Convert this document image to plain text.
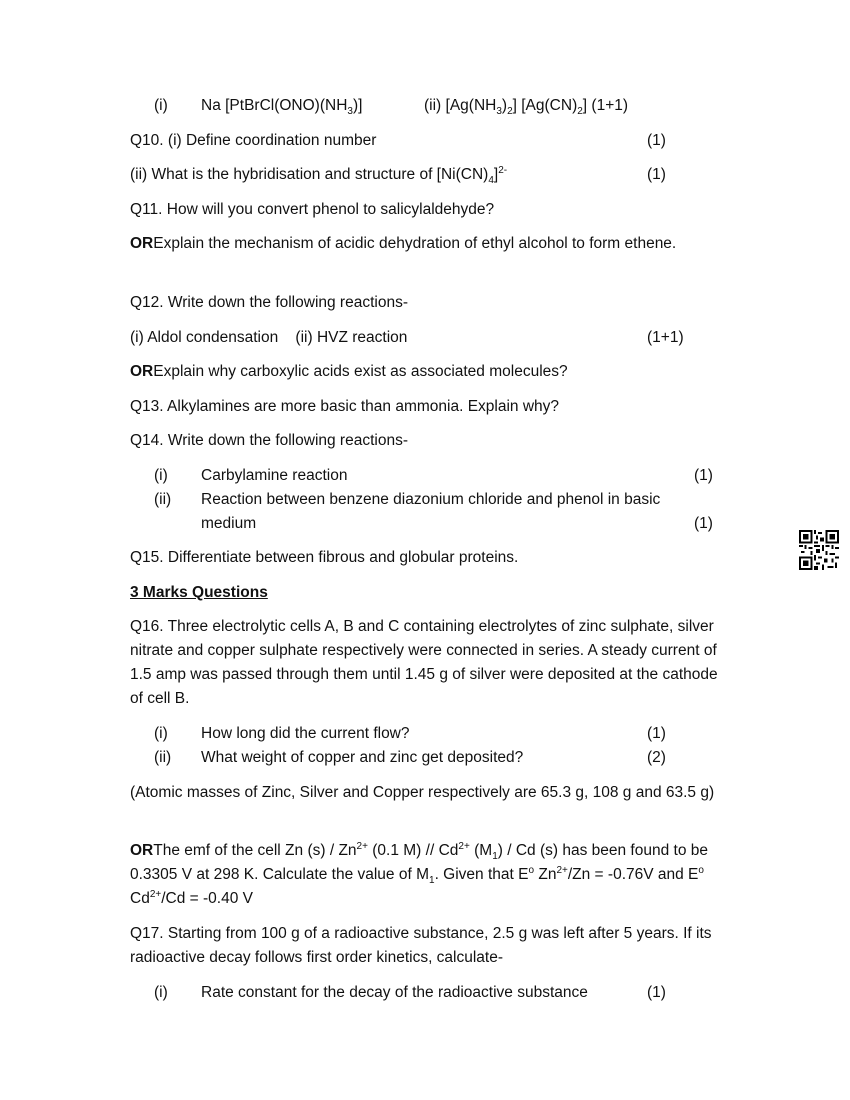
(i) Na $[PtBrCl(ONO)(NH_3)]$	(ii) $[Ag(NH_3)_2]$ $[Ag(CN)_2]$ (1+1)
Q10. (i) Define coordination number	(1)
(ii) What is the hybridisation and structure of $[Ni(CN)_4]^{2-}$	(1)
Q11. How will you convert phenol to salicylaldehyde?
ORExplain the mechanism of acidic dehydration of ethyl alcohol to form ethene.
Q12. Write down the following reactions-
(i) Aldol condensation    (ii) HVZ reaction	(1+1)
ORExplain why carboxylic acids exist as associated molecules?
Q13. Alkylamines are more basic than ammonia. Explain why?
Q14. Write down the following reactions-
(i) Carbylamine reaction	(1)
(ii) Reaction between benzene diazonium chloride and phenol in basic
medium	(1)
Q15. Differentiate between fibrous and globular proteins.
3 Marks Questions
Q16. Three electrolytic cells A, B and C containing electrolytes of zinc sulphate, silver nitrate and copper sulphate respectively were connected in series. A steady current of 1.5 amp was passed through them until 1.45 g of silver were deposited at the cathode of cell B.
(i) How long did the current flow?	(1)
(ii) What weight of copper and zinc get deposited?	(2)
(Atomic masses of Zinc, Silver and Copper respectively are 65.3 g, 108 g and 63.5 g)
ORThe emf of the cell Zn $(s) / Zn^{2+}$ (0.1 $M) // Cd^{2+}$ $(M_1)$ / Cd (s) has been found to be 0.3305 V at 298 K. Calculate the value of $M_1$. Given that $E^o$ $Zn^{2+}/Zn = -0.76V$ and $E^o$ $Cd^{2+}/Cd = -0.40$ V
Q17. Starting from 100 g of a radioactive substance, 2.5 g was left after 5 years. If its radioactive decay follows first order kinetics, calculate-
(i) Rate constant for the decay of the radioactive substance	(1)
